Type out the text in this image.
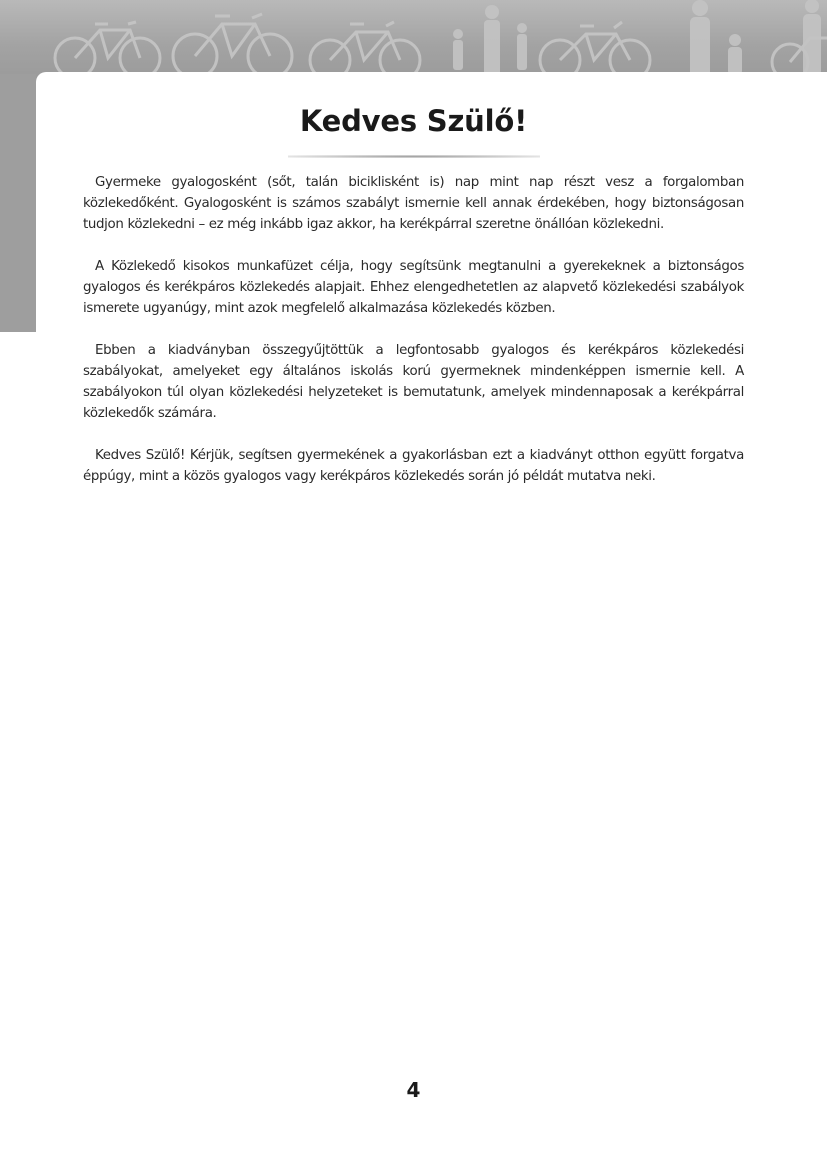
Kedves Szülő!

Gyermeke gyalogosként (sőt, talán biciklisként is) nap mint nap részt vesz a forgalomban közlekedőként. Gyalogosként is számos szabályt ismernie kell annak érdekében, hogy biztonságosan tudjon közlekedni – ez még inkább igaz akkor, ha kerékpárral szeretne önállóan közlekedni.

A Közlekedő kisokos munkafüzet célja, hogy segítsünk megtanulni a gyerekeknek a biztonságos gyalogos és kerékpáros közlekedés alapjait. Ehhez elengedhetetlen az alapvető közlekedési szabályok ismerete ugyanúgy, mint azok megfelelő alkalmazása közlekedés közben.

Ebben a kiadványban összegyűjtöttük a legfontosabb gyalogos és kerékpáros közlekedési szabályokat, amelyeket egy általános iskolás korú gyermeknek mindenképpen ismernie kell. A szabályokon túl olyan közlekedési helyzeteket is bemutatunk, amelyek mindennaposak a kerékpárral közlekedők számára.

Kedves Szülő! Kérjük, segítsen gyermekének a gyakorlásban ezt a kiadványt otthon együtt forgatva éppúgy, mint a közös gyalogos vagy kerékpáros közlekedés során jó példát mutatva neki.

4
